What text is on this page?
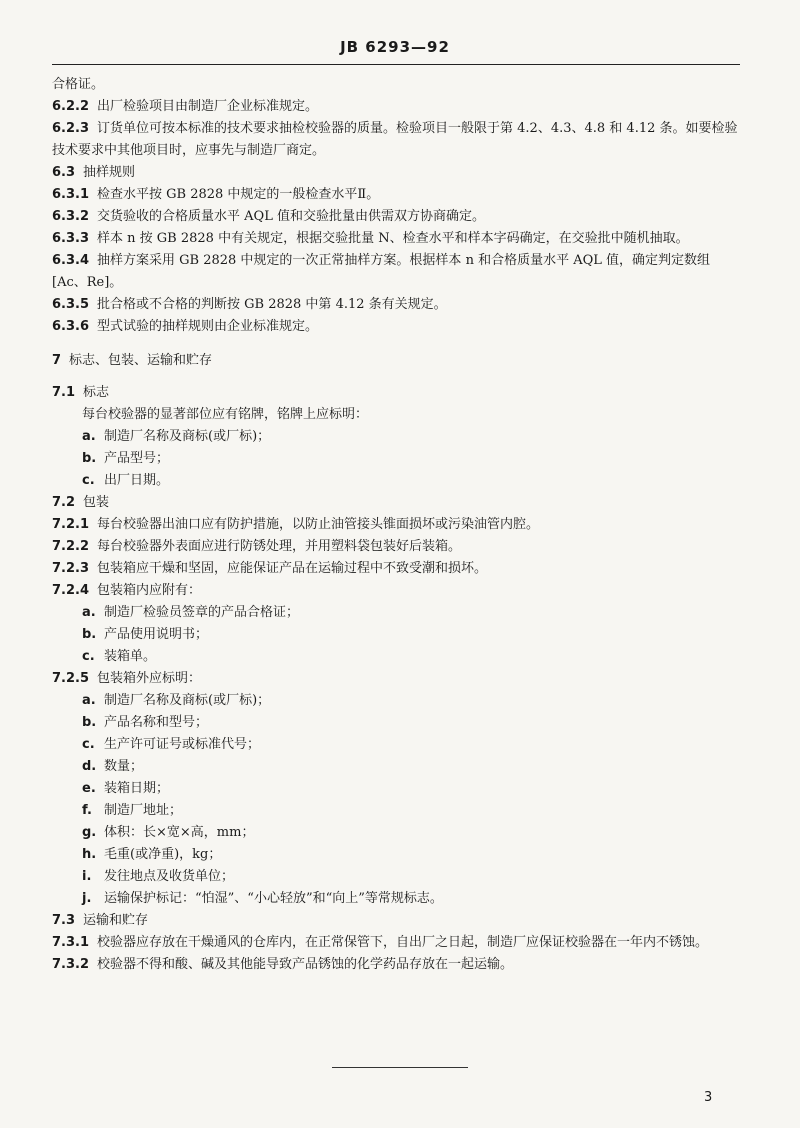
JB 6293—92
合格证。
6.2.2 出厂检验项目由制造厂企业标准规定。
6.2.3 订货单位可按本标准的技术要求抽检校验器的质量。检验项目一般限于第 4.2、4.3、4.8 和 4.12 条。如要检验技术要求中其他项目时，应事先与制造厂商定。
6.3 抽样规则
6.3.1 检查水平按 GB 2828 中规定的一般检查水平Ⅱ。
6.3.2 交货验收的合格质量水平 AQL 值和交验批量由供需双方协商确定。
6.3.3 样本 n 按 GB 2828 中有关规定，根据交验批量 N、检查水平和样本字码确定，在交验批中随机抽取。
6.3.4 抽样方案采用 GB 2828 中规定的一次正常抽样方案。根据样本 n 和合格质量水平 AQL 值，确定判定数组[Ac、Re]。
6.3.5 批合格或不合格的判断按 GB 2828 中第 4.12 条有关规定。
6.3.6 型式试验的抽样规则由企业标准规定。
7 标志、包装、运输和贮存
7.1 标志
每台校验器的显著部位应有铭牌，铭牌上应标明：
a. 制造厂名称及商标(或厂标)；
b. 产品型号；
c. 出厂日期。
7.2 包装
7.2.1 每台校验器出油口应有防护措施，以防止油管接头锥面损坏或污染油管内腔。
7.2.2 每台校验器外表面应进行防锈处理，并用塑料袋包装好后装箱。
7.2.3 包装箱应干燥和坚固，应能保证产品在运输过程中不致受潮和损坏。
7.2.4 包装箱内应附有：
a. 制造厂检验员签章的产品合格证；
b. 产品使用说明书；
c. 装箱单。
7.2.5 包装箱外应标明：
a. 制造厂名称及商标(或厂标)；
b. 产品名称和型号；
c. 生产许可证号或标准代号；
d. 数量；
e. 装箱日期；
f. 制造厂地址；
g. 体积：长×宽×高，mm；
h. 毛重(或净重)，kg；
i. 发往地点及收货单位；
j. 运输保护标记：“怕湿”、“小心轻放”和“向上”等常规标志。
7.3 运输和贮存
7.3.1 校验器应存放在干燥通风的仓库内，在正常保管下，自出厂之日起，制造厂应保证校验器在一年内不锈蚀。
7.3.2 校验器不得和酸、碱及其他能导致产品锈蚀的化学药品存放在一起运输。
3
